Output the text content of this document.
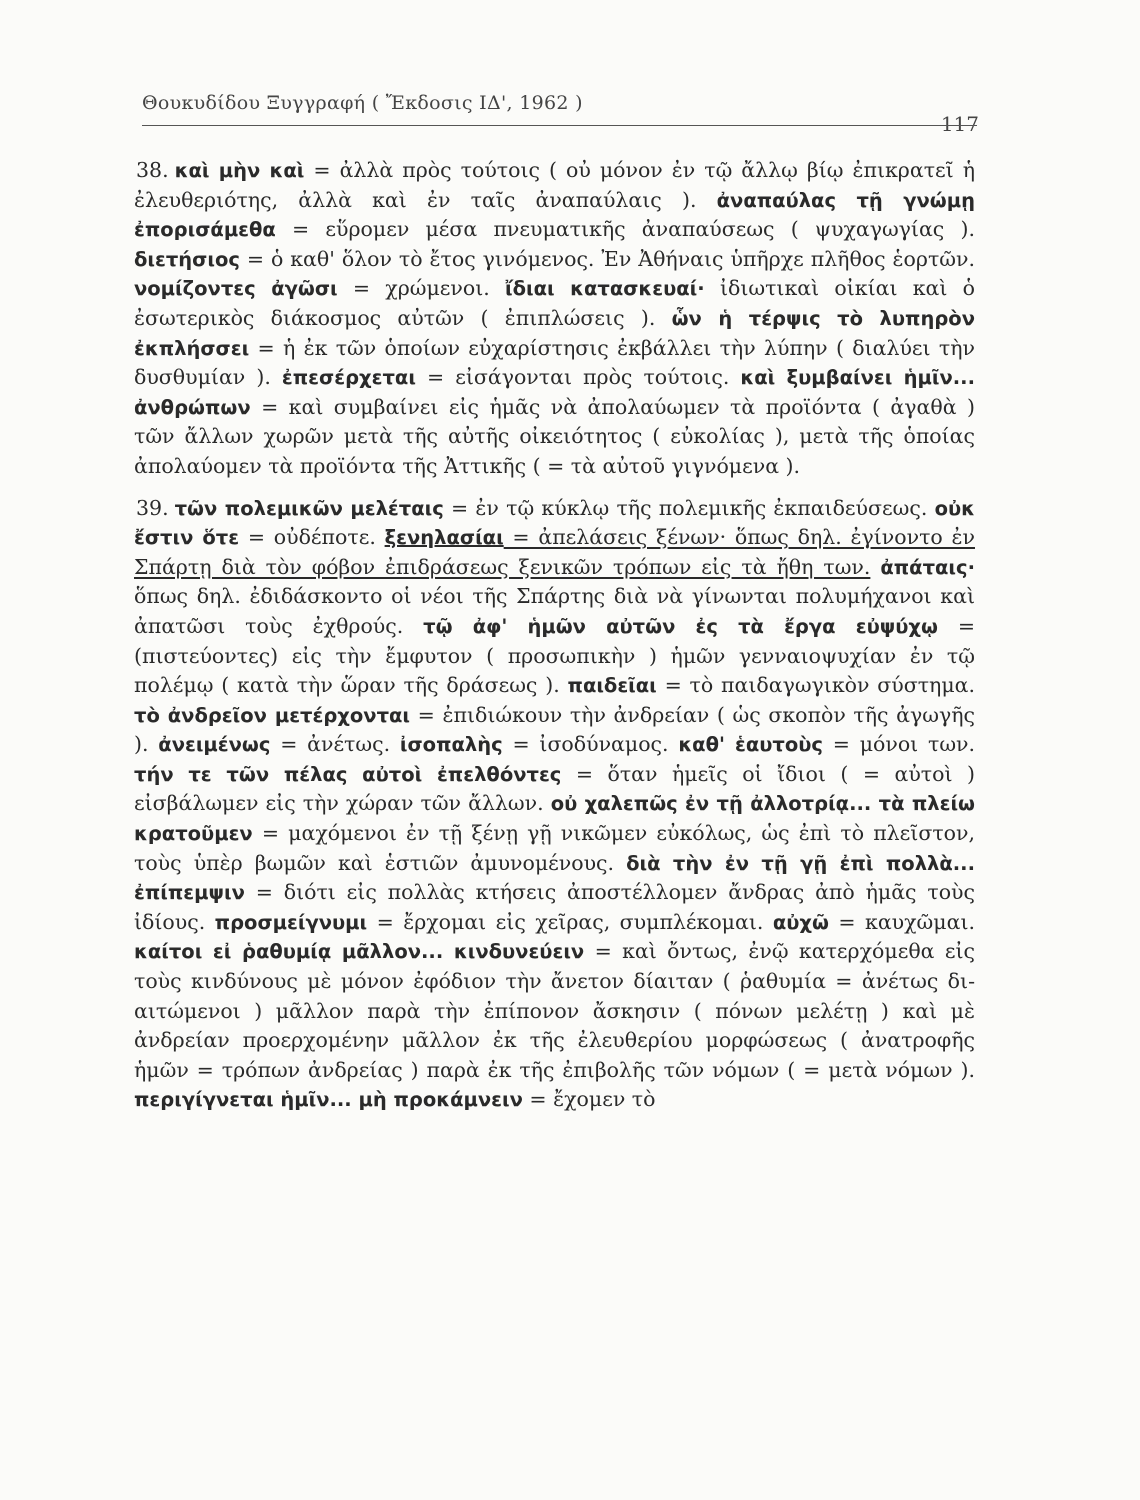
Θουκυδίδου Ξυγγραφή ( Ἔκδοσις ΙΔ', 1962 )
117

38. καὶ μὴν καὶ = ἀλλὰ πρὸς τούτοις ( οὐ μόνον ἐν τῷ ἄλλῳ βίῳ ἐπικρατεῖ ἡ ἐλευθεριότης, ἀλλὰ καὶ ἐν ταῖς ἀναπαύλαις ). ἀναπαύλας τῇ γνώμῃ ἐπορισάμεθα = εὕρομεν μέσα πνευματικῆς ἀναπαύσεως ( ψυχαγωγίας ). διετήσιος = ὁ καθ' ὅλον τὸ ἔτος γινόμενος. Ἐν Ἀθήναις ὑπῆρχε πλῆθος ἑορτῶν. νομίζοντες ἀγῶσι = χρώμενοι. ἴδιαι κατασκευαί· ἰδιωτικαὶ οἰκίαι καὶ ὁ ἐσωτερικὸς διάκοσμος αὐτῶν ( ἐπιπλώσεις ). ὧν ἡ τέρψις τὸ λυπηρὸν ἐκπλήσσει = ἡ ἐκ τῶν ὁποίων εὐχαρίστησις ἐκβάλλει τὴν λύπην ( διαλύει τὴν δυσθυμίαν ). ἐπεσέρχεται = εἰσάγονται πρὸς τούτοις. καὶ ξυμβαίνει ἡμῖν... ἀνθρώπων = καὶ συμβαίνει εἰς ἡμᾶς νὰ ἀπολαύωμεν τὰ προϊόντα ( ἀγαθὰ ) τῶν ἄλλων χωρῶν μετὰ τῆς αὐτῆς οἰκειότητος ( εὐκολίας ), μετὰ τῆς ὁποίας ἀπολαύομεν τὰ προϊόντα τῆς Ἀττικῆς ( = τὰ αὐτοῦ γιγνόμενα ).

39. τῶν πολεμικῶν μελέταις = ἐν τῷ κύκλῳ τῆς πολεμικῆς ἐκπαιδεύσεως. οὐκ ἔστιν ὅτε = οὐδέποτε. ξενηλασίαι = ἀπελάσεις ξένων· ὅπως δηλ. ἐγίνοντο ἐν Σπάρτῃ διὰ τὸν φόβον ἐπιδράσεως ξενικῶν τρόπων εἰς τὰ ἤθη των. ἀπάταις· ὅπως δηλ. ἐδιδάσκοντο οἱ νέοι τῆς Σπάρτης διὰ νὰ γίνωνται πολυμήχανοι καὶ ἀπατῶσι τοὺς ἐχθρούς. τῷ ἀφ' ἡμῶν αὐτῶν ἐς τὰ ἔργα εὐψύχῳ = (πιστεύοντες) εἰς τὴν ἔμφυτον ( προσωπικὴν ) ἡμῶν γενναιοψυχίαν ἐν τῷ πολέμῳ ( κατὰ τὴν ὥραν τῆς δράσεως ). παιδεῖαι = τὸ παιδαγωγικὸν σύστημα. τὸ ἀνδρεῖον μετέρχονται = ἐπιδιώκουν τὴν ἀνδρείαν ( ὡς σκοπὸν τῆς ἀγωγῆς ). ἀνειμένως = ἀνέτως. ἰσοπαλὴς = ἰσοδύναμος. καθ' ἑαυτοὺς = μόνοι των. τήν τε τῶν πέλας αὐτοὶ ἐπελθόντες = ὅταν ἡμεῖς οἱ ἴδιοι ( = αὐτοὶ ) εἰσβάλωμεν εἰς τὴν χώραν τῶν ἄλλων. οὐ χαλεπῶς ἐν τῇ ἀλλοτρίᾳ... τὰ πλείω κρατοῦμεν = μαχόμενοι ἐν τῇ ξένῃ γῇ νικῶμεν εὐκόλως, ὡς ἐπὶ τὸ πλεῖστον, τοὺς ὑπὲρ βωμῶν καὶ ἑστιῶν ἀμυνομένους. διὰ τὴν ἐν τῇ γῇ ἐπὶ πολλὰ... ἐπίπεμψιν = διότι εἰς πολλὰς κτήσεις ἀποστέλλομεν ἄνδρας ἀπὸ ἡμᾶς τοὺς ἰδίους. προσμείγνυμι = ἔρχομαι εἰς χεῖρας, συμπλέκομαι. αὐχῶ = καυχῶμαι. καίτοι εἰ ῥαθυμίᾳ μᾶλλον... κινδυνεύειν = καὶ ὄντως, ἐνῷ κατερχόμεθα εἰς τοὺς κινδύνους μὲ μόνον ἐφόδιον τὴν ἄνετον δίαιταν ( ῥαθυμία = ἀνέτως διαιτώμενοι ) μᾶλλον παρὰ τὴν ἐπίπονον ἄσκησιν ( πόνων μελέτῃ ) καὶ μὲ ἀνδρείαν προερχομένην μᾶλλον ἐκ τῆς ἐλευθερίου μορφώσεως ( ἀνατροφῆς ἡμῶν = τρόπων ἀνδρείας ) παρὰ ἐκ τῆς ἐπιβολῆς τῶν νόμων ( = μετὰ νόμων ). περιγίγνεται ἡμῖν... μὴ προκάμνειν = ἔχομεν τὸ
